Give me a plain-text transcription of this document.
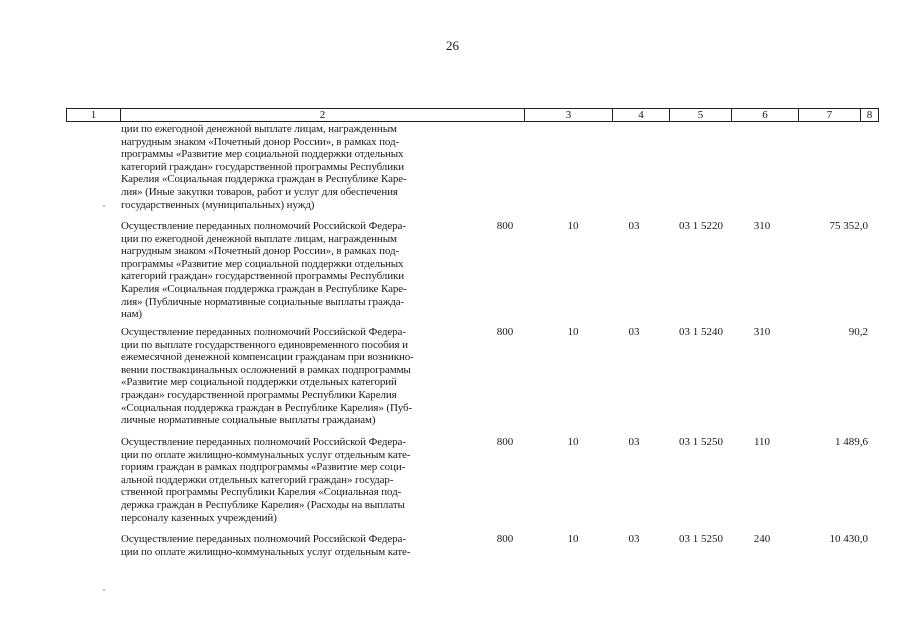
26
1	2	3	4	5	6	7	8
ции по ежегодной денежной выплате лицам, награжденным
нагрудным знаком «Почетный донор России», в рамках под-
программы «Развитие мер социальной поддержки отдельных
категорий граждан» государственной программы Республики
Карелия «Социальная поддержка граждан в Республике Каре-
лия» (Иные закупки товаров, работ и услуг для обеспечения
государственных (муниципальных) нужд)
Осуществление переданных полномочий Российской Федера-
ции по ежегодной денежной выплате лицам, награжденным
нагрудным знаком «Почетный донор России», в рамках под-
программы «Развитие мер социальной поддержки отдельных
категорий граждан» государственной программы Республики
Карелия «Социальная поддержка граждан в Республике Каре-
лия» (Публичные нормативные социальные выплаты гражда-
нам)
800	10	03	03 1 5220	310	75 352,0
Осуществление переданных полномочий Российской Федера-
ции по выплате государственного единовременного пособия и
ежемесячной денежной компенсации гражданам при возникно-
вении поствакцинальных осложнений в рамках подпрограммы
«Развитие мер социальной поддержки отдельных категорий
граждан» государственной программы Республики Карелия
«Социальная поддержка граждан в Республике Карелия» (Пуб-
личные нормативные социальные выплаты гражданам)
800	10	03	03 1 5240	310	90,2
Осуществление переданных полномочий Российской Федера-
ции по оплате жилищно-коммунальных услуг отдельным кате-
гориям граждан в рамках подпрограммы «Развитие мер соци-
альной поддержки отдельных категорий граждан» государ-
ственной программы Республики Карелия «Социальная под-
держка граждан в Республике Карелия» (Расходы на выплаты
персоналу казенных учреждений)
800	10	03	03 1 5250	110	1 489,6
Осуществление переданных полномочий Российской Федера-
ции по оплате жилищно-коммунальных услуг отдельным кате-
800	10	03	03 1 5250	240	10 430,0
